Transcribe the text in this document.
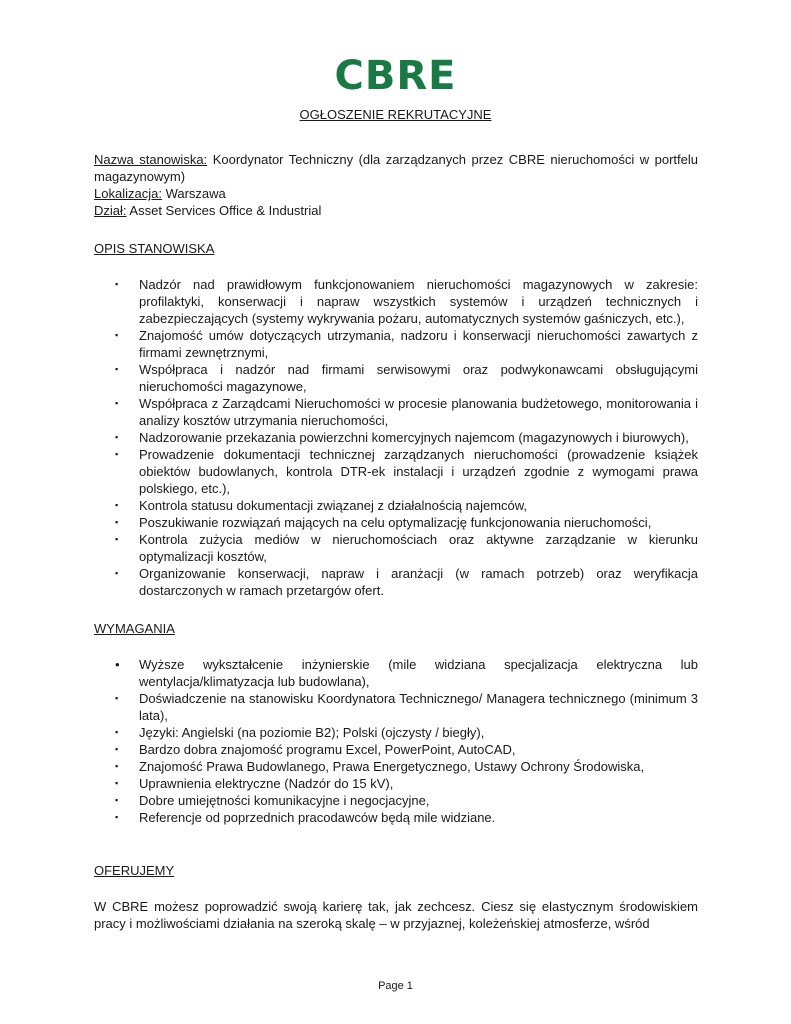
CBRE
OGŁOSZENIE REKRUTACYJNE

Nazwa stanowiska: Koordynator Techniczny (dla zarządzanych przez CBRE nieruchomości w portfelu magazynowym)

Lokalizacja: Warszawa

Dział: Asset Services Office & Industrial

OPIS STANOWISKA
▪ Nadzór nad prawidłowym funkcjonowaniem nieruchomości magazynowych w zakresie: profilaktyki, konserwacji i napraw wszystkich systemów i urządzeń technicznych i zabezpieczających (systemy wykrywania pożaru, automatycznych systemów gaśniczych, etc.),
▪ Znajomość umów dotyczących utrzymania, nadzoru i konserwacji nieruchomości zawartych z firmami zewnętrznymi,
▪ Współpraca i nadzór nad firmami serwisowymi oraz podwykonawcami obsługującymi nieruchomości magazynowe,
▪ Współpraca z Zarządcami Nieruchomości w procesie planowania budżetowego, monitorowania i analizy kosztów utrzymania nieruchomości,
▪ Nadzorowanie przekazania powierzchni komercyjnych najemcom (magazynowych i biurowych),
▪ Prowadzenie dokumentacji technicznej zarządzanych nieruchomości (prowadzenie książek obiektów budowlanych, kontrola DTR-ek instalacji i urządzeń zgodnie z wymogami prawa polskiego, etc.),
▪ Kontrola statusu dokumentacji związanej z działalnością najemców,
▪ Poszukiwanie rozwiązań mających na celu optymalizację funkcjonowania nieruchomości,
▪ Kontrola zużycia mediów w nieruchomościach oraz aktywne zarządzanie w kierunku optymalizacji kosztów,
▪ Organizowanie konserwacji, napraw i aranżacji (w ramach potrzeb) oraz weryfikacja dostarczonych w ramach przetargów ofert.
WYMAGANIA
• Wyższe wykształcenie inżynierskie (mile widziana specjalizacja elektryczna lub wentylacja/klimatyzacja lub budowlana),
▪ Doświadczenie na stanowisku Koordynatora Technicznego/ Managera technicznego (minimum 3 lata),
▪ Języki: Angielski (na poziomie B2); Polski (ojczysty / biegły),
▪ Bardzo dobra znajomość programu Excel, PowerPoint, AutoCAD,
▪ Znajomość Prawa Budowlanego, Prawa Energetycznego, Ustawy Ochrony Środowiska,
▪ Uprawnienia elektryczne (Nadzór do 15 kV),
▪ Dobre umiejętności komunikacyjne i negocjacyjne,
▪ Referencje od poprzednich pracodawców będą mile widziane.
OFERUJEMY

W CBRE możesz poprowadzić swoją karierę tak, jak zechcesz. Ciesz się elastycznym środowiskiem pracy i możliwościami działania na szeroką skalę – w przyjaznej, koleżeńskiej atmosferze, wśród

Page 1
